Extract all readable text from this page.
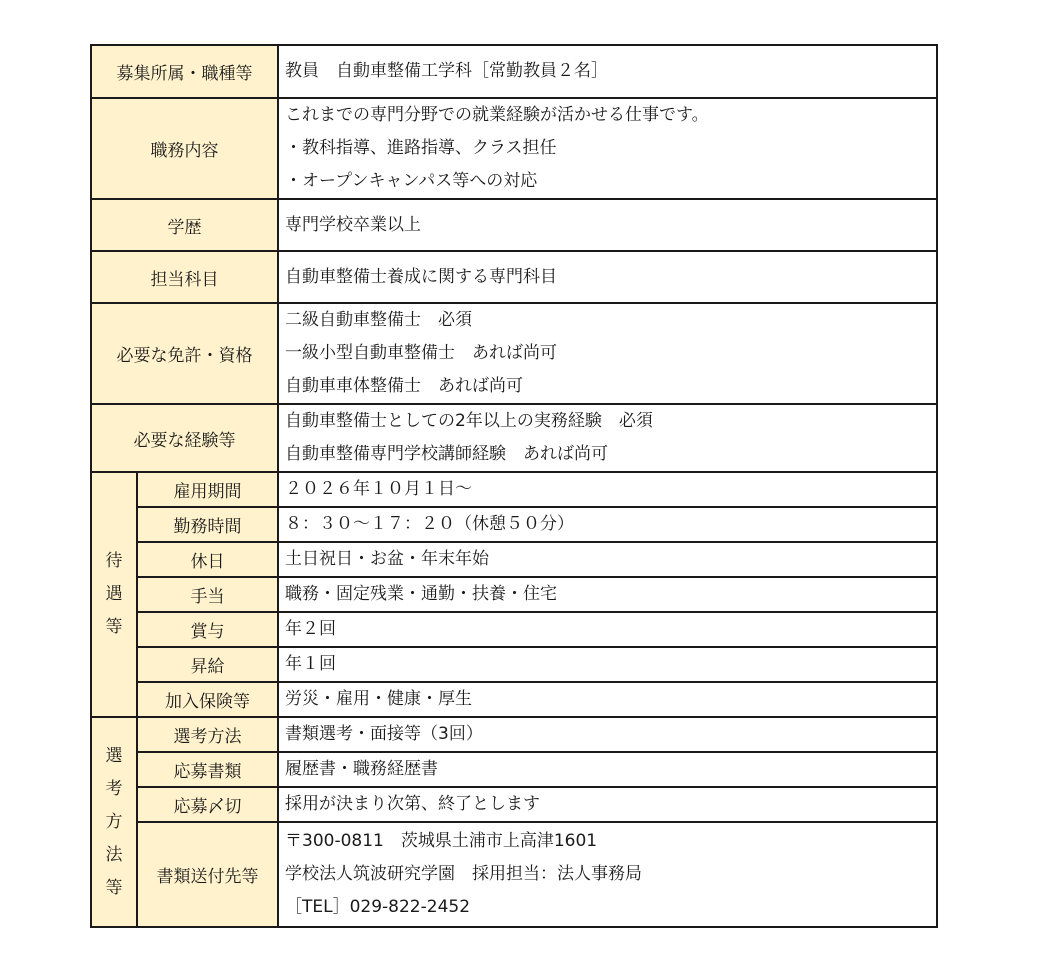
募集所属・職種等		教員　自動車整備工学科［常勤教員２名］

職務内容		これまでの専門分野での就業経験が活かせる仕事です。
・教科指導、進路指導、クラス担任
・オープンキャンパス等への対応

学歴		専門学校卒業以上

担当科目		自動車整備士養成に関する専門科目

必要な免許・資格		二級自動車整備士　必須
一級小型自動車整備士　あれば尚可
自動車車体整備士　あれば尚可

必要な経験等		自動車整備士としての2年以上の実務経験　必須
自動車整備専門学校講師経験　あれば尚可

待
遇
等	雇用期間	２０２６年１０月１日～

	勤務時間	８：３０～１７：２０（休憩５０分）

	休日	土日祝日・お盆・年末年始

	手当	職務・固定残業・通勤・扶養・住宅

	賞与	年２回

	昇給	年１回

	加入保険等	労災・雇用・健康・厚生

選
考
方
法
等	選考方法	書類選考・面接等（3回）

	応募書類	履歴書・職務経歴書

	応募〆切	採用が決まり次第、終了とします

	書類送付先等	〒300-0811　茨城県土浦市上高津1601
学校法人筑波研究学園　採用担当：法人事務局
［TEL］029-822-2452
